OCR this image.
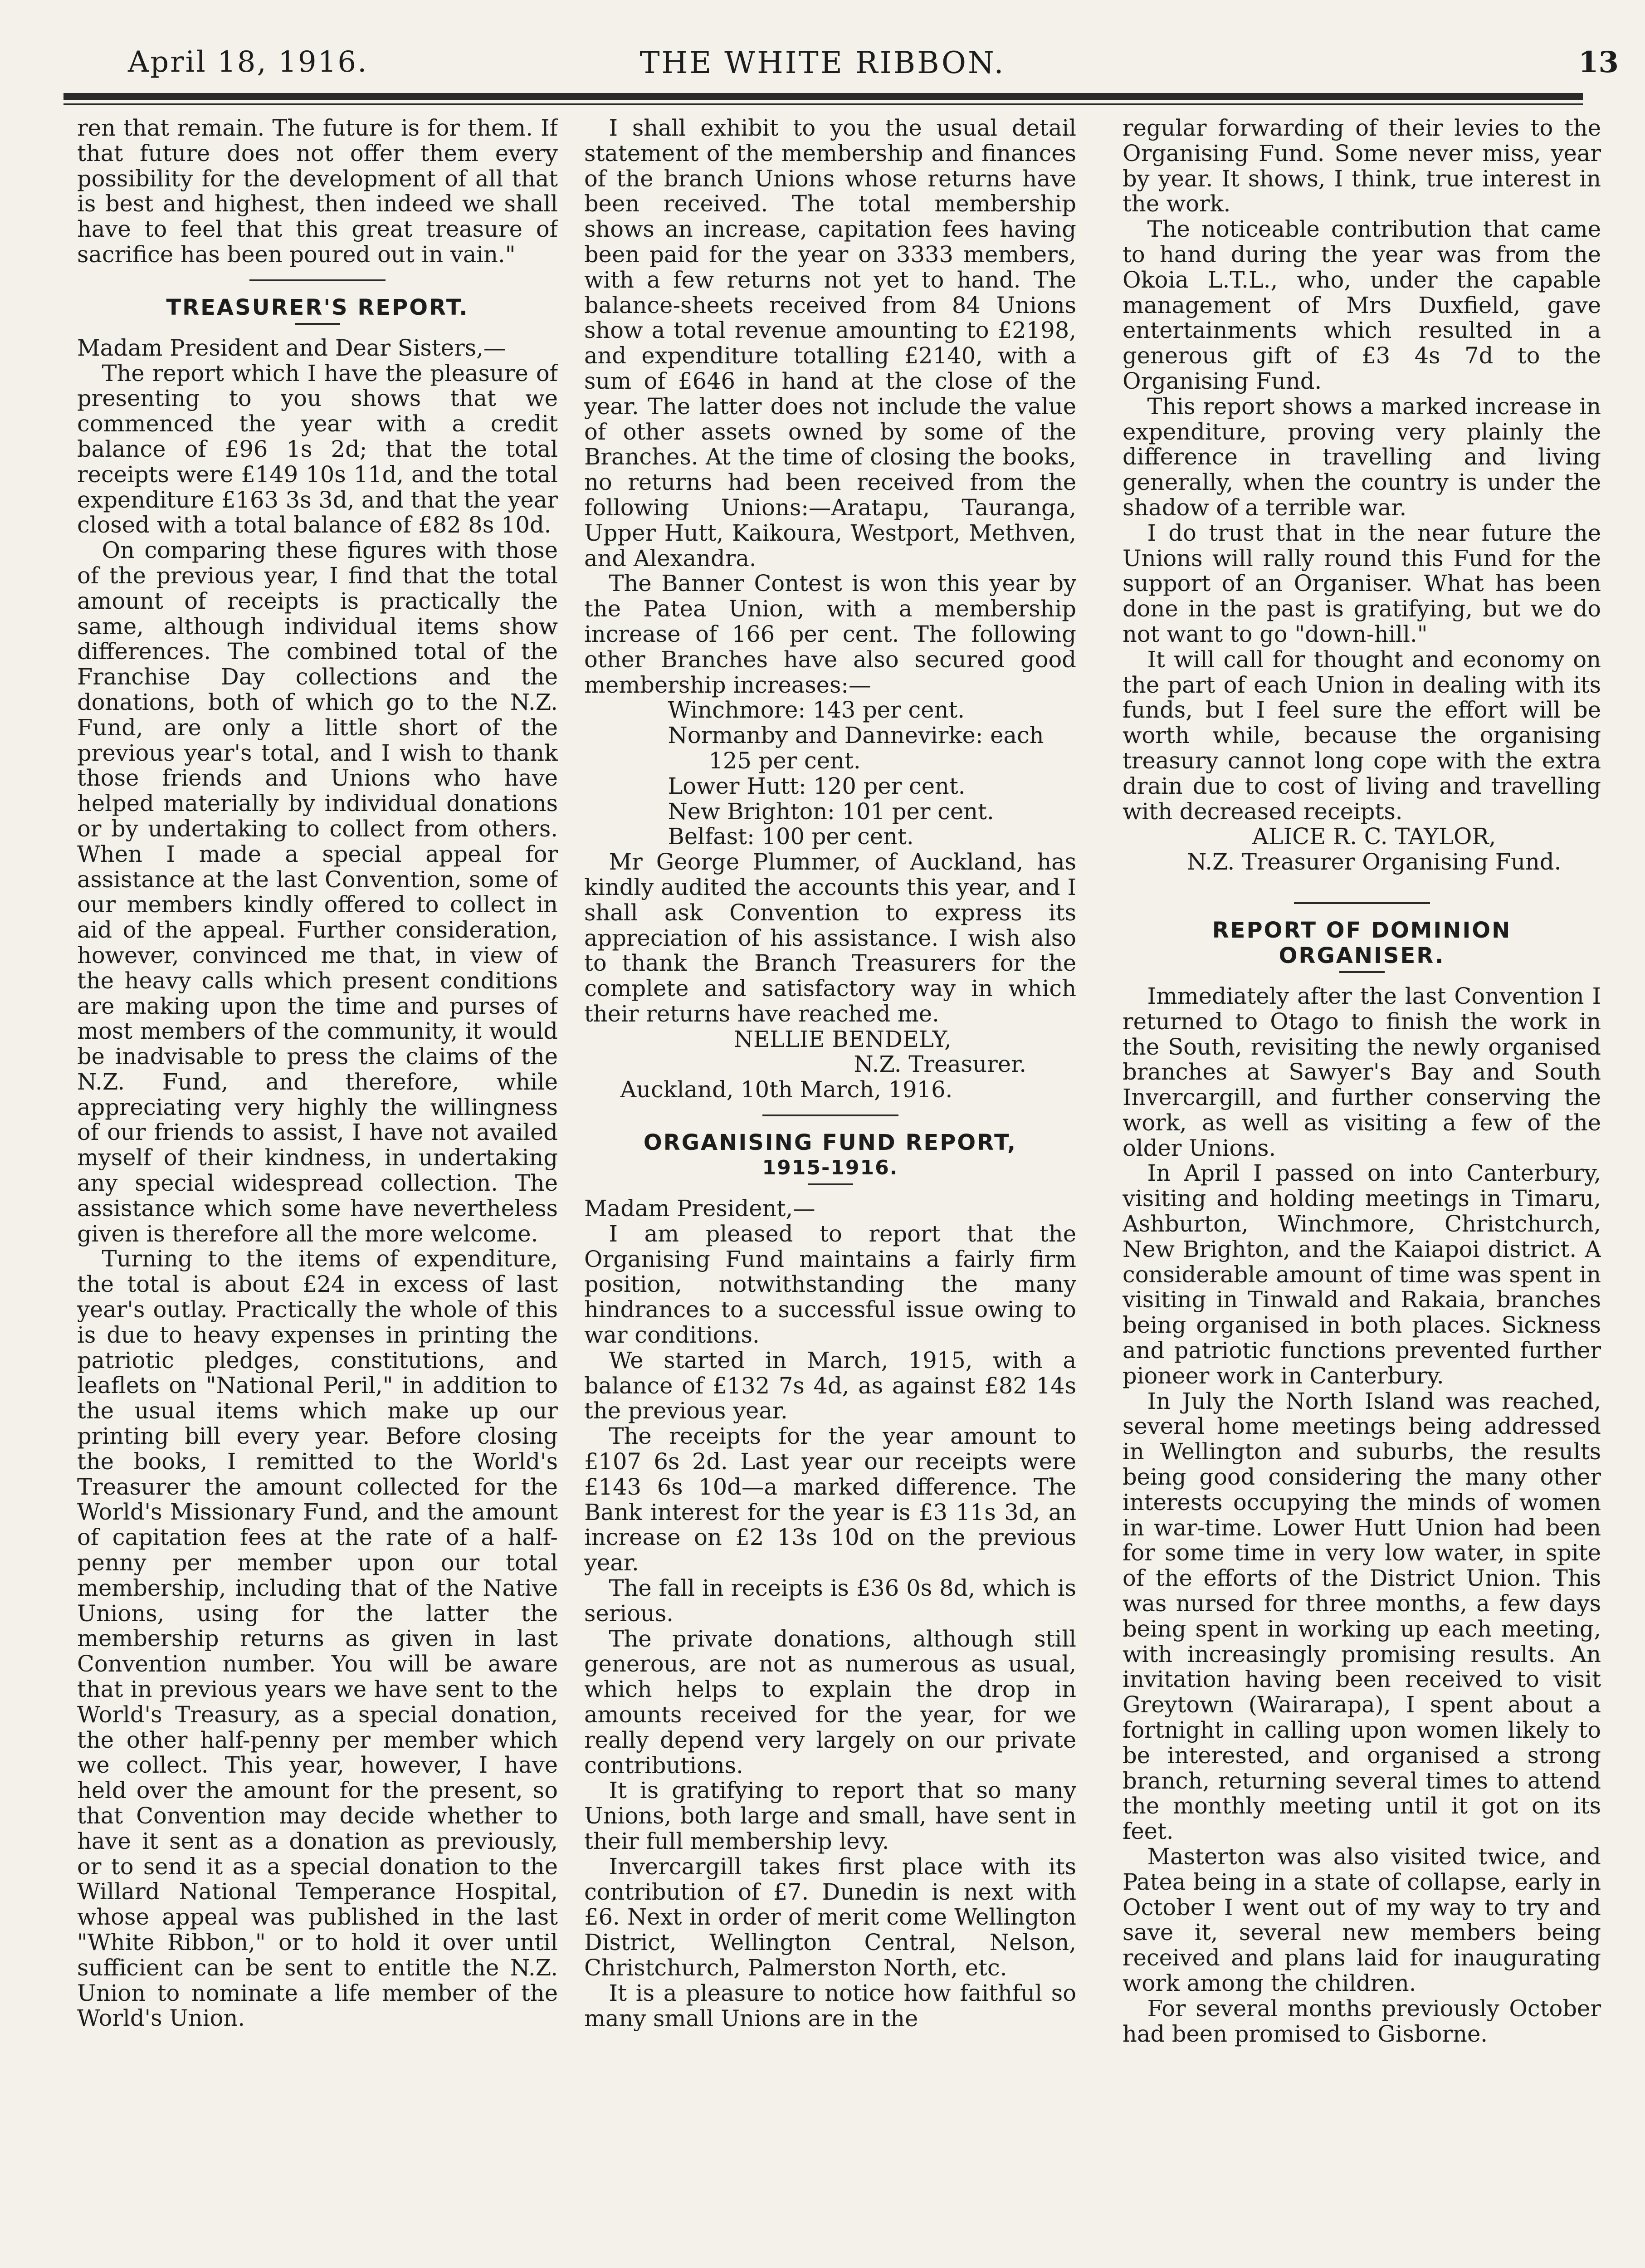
April 18, 1916.	THE WHITE RIBBON.	13

ren that remain. The future is for them. If that future does not offer them every possibility for the development of all that is best and highest, then indeed we shall have to feel that this great treasure of sacrifice has been poured out in vain."

TREASURER'S REPORT.

Madam President and Dear Sisters,—

The report which I have the pleasure of presenting to you shows that we commenced the year with a credit balance of £96 1s 2d; that the total receipts were £149 10s 11d, and the total expenditure £163 3s 3d, and that the year closed with a total balance of £82 8s 10d.

On comparing these figures with those of the previous year, I find that the total amount of receipts is practically the same, although individual items show differences. The combined total of the Franchise Day collections and the donations, both of which go to the N.Z. Fund, are only a little short of the previous year's total, and I wish to thank those friends and Unions who have helped materially by individual donations or by undertaking to collect from others. When I made a special appeal for assistance at the last Convention, some of our members kindly offered to collect in aid of the appeal. Further consideration, however, convinced me that, in view of the heavy calls which present conditions are making upon the time and purses of most members of the community, it would be inadvisable to press the claims of the N.Z. Fund, and therefore, while appreciating very highly the willingness of our friends to assist, I have not availed myself of their kindness, in undertaking any special widespread collection. The assistance which some have nevertheless given is therefore all the more welcome.

Turning to the items of expenditure, the total is about £24 in excess of last year's outlay. Practically the whole of this is due to heavy expenses in printing the patriotic pledges, constitutions, and leaflets on "National Peril," in addition to the usual items which make up our printing bill every year. Before closing the books, I remitted to the World's Treasurer the amount collected for the World's Missionary Fund, and the amount of capitation fees at the rate of a half-penny per member upon our total membership, including that of the Native Unions, using for the latter the membership returns as given in last Convention number. You will be aware that in previous years we have sent to the World's Treasury, as a special donation, the other half-penny per member which we collect. This year, however, I have held over the amount for the present, so that Convention may decide whether to have it sent as a donation as previously, or to send it as a special donation to the Willard National Temperance Hospital, whose appeal was published in the last "White Ribbon," or to hold it over until sufficient can be sent to entitle the N.Z. Union to nominate a life member of the World's Union.

I shall exhibit to you the usual detail statement of the membership and finances of the branch Unions whose returns have been received. The total membership shows an increase, capitation fees having been paid for the year on 3333 members, with a few returns not yet to hand. The balance-sheets received from 84 Unions show a total revenue amounting to £2198, and expenditure totalling £2140, with a sum of £646 in hand at the close of the year. The latter does not include the value of other assets owned by some of the Branches. At the time of closing the books, no returns had been received from the following Unions:—Aratapu, Tauranga, Upper Hutt, Kaikoura, Westport, Methven, and Alexandra.

The Banner Contest is won this year by the Patea Union, with a membership increase of 166 per cent. The following other Branches have also secured good membership increases:—

Winchmore: 143 per cent.

Normanby and Dannevirke: each

125 per cent.

Lower Hutt: 120 per cent.

New Brighton: 101 per cent.

Belfast: 100 per cent.

Mr George Plummer, of Auckland, has kindly audited the accounts this year, and I shall ask Convention to express its appreciation of his assistance. I wish also to thank the Branch Treasurers for the complete and satisfactory way in which their returns have reached me.

NELLIE BENDELY,

N.Z. Treasurer.

Auckland, 10th March, 1916.

ORGANISING FUND REPORT,
1915-1916.

Madam President,—

I am pleased to report that the Organising Fund maintains a fairly firm position, notwithstanding the many hindrances to a successful issue owing to war conditions.

We started in March, 1915, with a balance of £132 7s 4d, as against £82 14s the previous year.

The receipts for the year amount to £107 6s 2d. Last year our receipts were £143 6s 10d—a marked difference. The Bank interest for the year is £3 11s 3d, an increase on £2 13s 10d on the previous year.

The fall in receipts is £36 0s 8d, which is serious.

The private donations, although still generous, are not as numerous as usual, which helps to explain the drop in amounts received for the year, for we really depend very largely on our private contributions.

It is gratifying to report that so many Unions, both large and small, have sent in their full membership levy.

Invercargill takes first place with its contribution of £7. Dunedin is next with £6. Next in order of merit come Wellington District, Wellington Central, Nelson, Christchurch, Palmerston North, etc.

It is a pleasure to notice how faithful so many small Unions are in the

regular forwarding of their levies to the Organising Fund. Some never miss, year by year. It shows, I think, true interest in the work.

The noticeable contribution that came to hand during the year was from the Okoia L.T.L., who, under the capable management of Mrs Duxfield, gave entertainments which resulted in a generous gift of £3 4s 7d to the Organising Fund.

This report shows a marked increase in expenditure, proving very plainly the difference in travelling and living generally, when the country is under the shadow of a terrible war.

I do trust that in the near future the Unions will rally round this Fund for the support of an Organiser. What has been done in the past is gratifying, but we do not want to go "down-hill."

It will call for thought and economy on the part of each Union in dealing with its funds, but I feel sure the effort will be worth while, because the organising treasury cannot long cope with the extra drain due to cost of living and travelling with decreased receipts.

ALICE R. C. TAYLOR,

N.Z. Treasurer Organising Fund.

REPORT OF DOMINION ORGANISER.

Immediately after the last Convention I returned to Otago to finish the work in the South, revisiting the newly organised branches at Sawyer's Bay and South Invercargill, and further conserving the work, as well as visiting a few of the older Unions.

In April I passed on into Canterbury, visiting and holding meetings in Timaru, Ashburton, Winchmore, Christchurch, New Brighton, and the Kaiapoi district. A considerable amount of time was spent in visiting in Tinwald and Rakaia, branches being organised in both places. Sickness and patriotic functions prevented further pioneer work in Canterbury.

In July the North Island was reached, several home meetings being addressed in Wellington and suburbs, the results being good considering the many other interests occupying the minds of women in war-time. Lower Hutt Union had been for some time in very low water, in spite of the efforts of the District Union. This was nursed for three months, a few days being spent in working up each meeting, with increasingly promising results. An invitation having been received to visit Greytown (Wairarapa), I spent about a fortnight in calling upon women likely to be interested, and organised a strong branch, returning several times to attend the monthly meeting until it got on its feet.

Masterton was also visited twice, and Patea being in a state of collapse, early in October I went out of my way to try and save it, several new members being received and plans laid for inaugurating work among the children.

For several months previously October had been promised to Gisborne.
